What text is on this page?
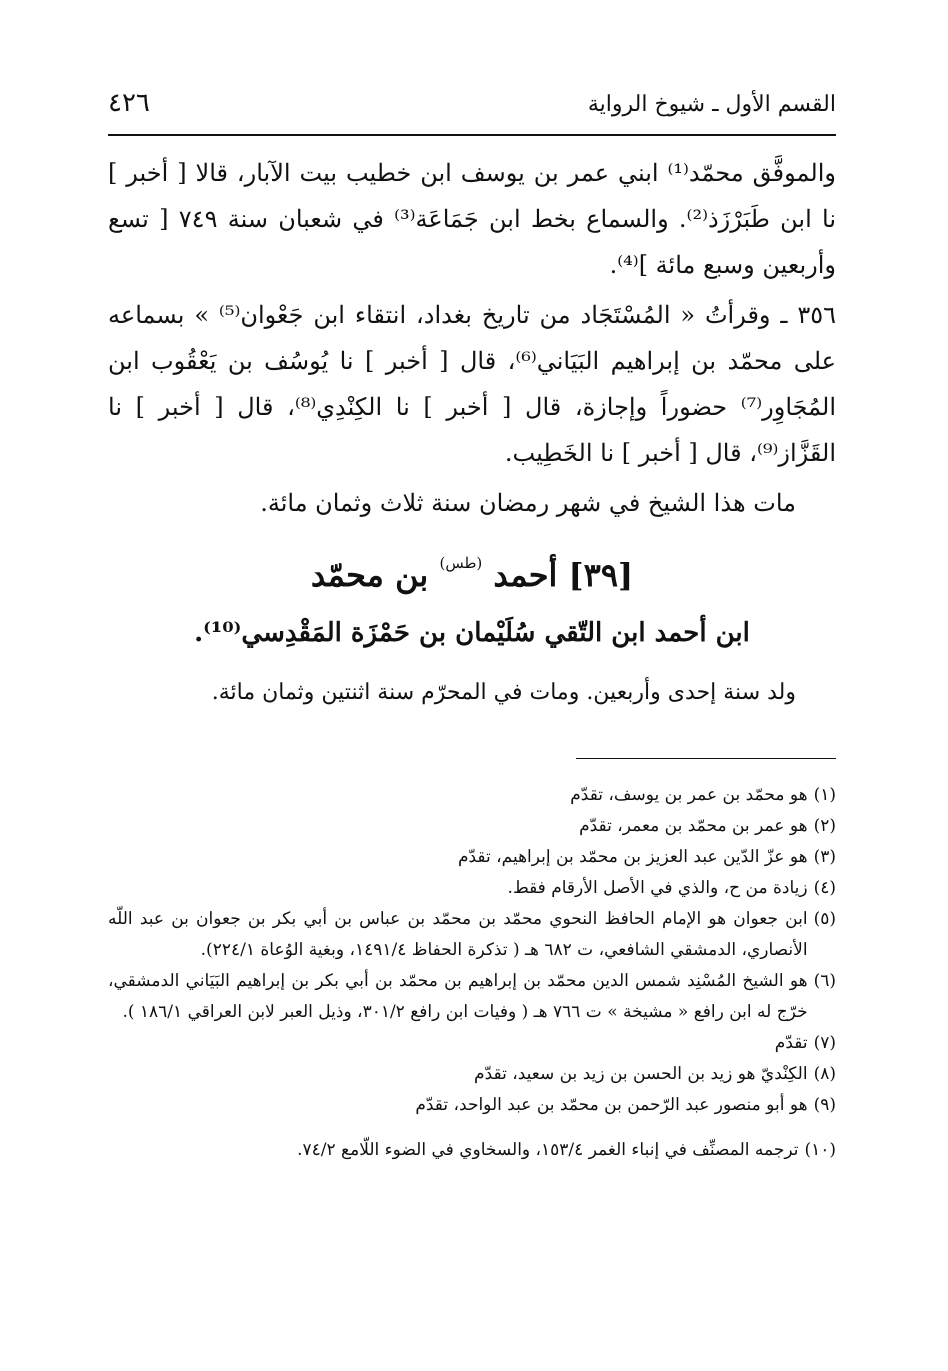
القسم الأول ـ شيوخ الرواية
٤٢٦

والموفَّق محمّد⁽¹⁾ ابني عمر بن يوسف ابن خطيب بيت الآبار، قالا [ أخبر ] نا ابن طَبَرْزَذ⁽²⁾. والسماع بخط ابن جَمَاعَة⁽³⁾ في شعبان سنة ٧٤٩ [ تسع وأربعين وسبع مائة ]⁽⁴⁾.

٣٥٦ ـ وقرأتُ « المُسْتَجَاد من تاريخ بغداد، انتقاء ابن جَعْوان⁽⁵⁾ » بسماعه على محمّد بن إبراهيم البَيَاني⁽⁶⁾، قال [ أخبر ] نا يُوسُف بن يَعْقُوب ابن المُجَاوِر⁽⁷⁾ حضوراً وإجازة، قال [ أخبر ] نا الكِنْدِي⁽⁸⁾، قال [ أخبر ] نا القَزَّاز⁽⁹⁾، قال [ أخبر ] نا الخَطِيب.

مات هذا الشيخ في شهر رمضان سنة ثلاث وثمان مائة.

[٣٩] أحمد $^{(طس)}$ بن محمّد
ابن أحمد ابن التّقي سُلَيْمان بن حَمْزَة المَقْدِسي⁽¹⁰⁾.
ولد سنة إحدى وأربعين. ومات في المحرّم سنة اثنتين وثمان مائة.
(١)
هو محمّد بن عمر بن يوسف، تقدّم
(٢)
هو عمر بن محمّد بن معمر، تقدّم
(٣)
هو عزّ الدّين عبد العزيز بن محمّد بن إبراهيم، تقدّم
(٤)
زيادة من ح، والذي في الأصل الأرقام فقط.
(٥)
ابن جعوان هو الإمام الحافظ النحوي محمّد بن محمّد بن عباس بن أبي بكر بن جعوان بن عبد اللّه الأنصاري، الدمشقي الشافعي، ت ٦٨٢ هـ ( تذكرة الحفاظ ١٤٩١/٤، وبغية الوُعاة ٢٢٤/١).
(٦)
هو الشيخ المُسْنِد شمس الدين محمّد بن إبراهيم بن محمّد بن أبي بكر بن إبراهيم البَيَاني الدمشقي، خرّج له ابن رافع « مشيخة » ت ٧٦٦ هـ ( وفيات ابن رافع ٣٠١/٢، وذيل العبر لابن العراقي ١٨٦/١ ).
(٧)
تقدّم
(٨)
الكِنْديّ هو زيد بن الحسن بن زيد بن سعيد، تقدّم
(٩)
هو أبو منصور عبد الرّحمن بن محمّد بن عبد الواحد، تقدّم
(١٠)
ترجمه المصنِّف في إنباء الغمر ١٥٣/٤، والسخاوي في الضوء اللّامع ٧٤/٢.
